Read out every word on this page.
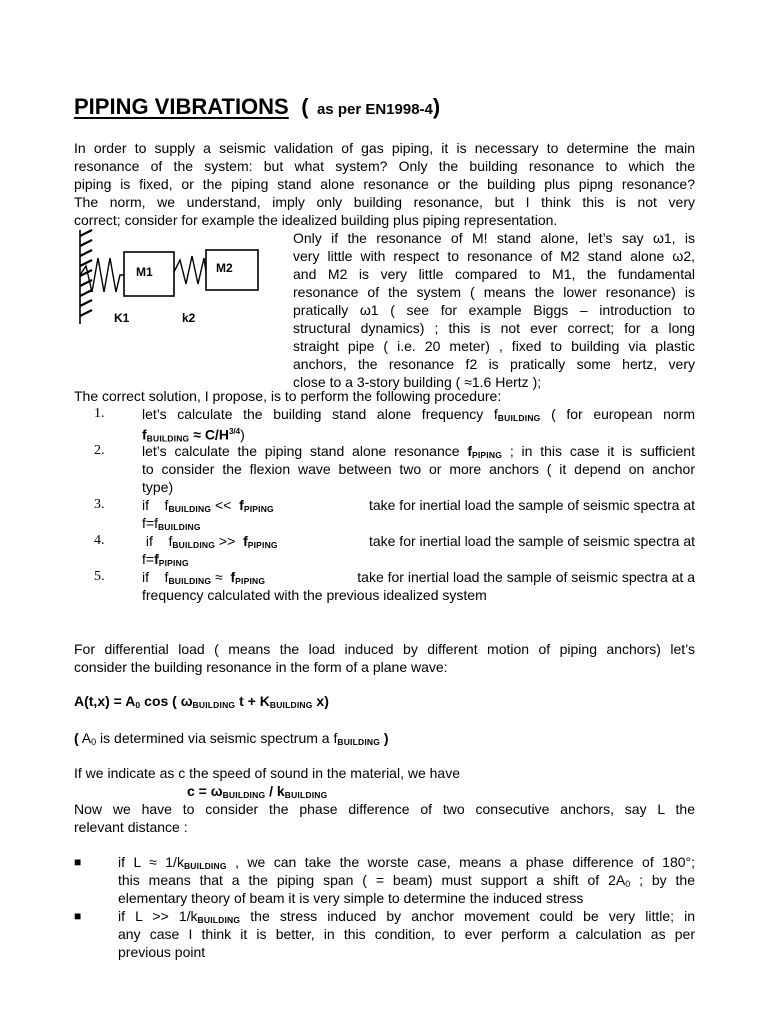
PIPING VIBRATIONS ( as per EN1998-4)
In order to supply a seismic validation of gas piping, it is necessary to determine the main
resonance of the system: but what system? Only the building resonance to which the
piping is fixed, or the piping stand alone resonance or the building plus pipng resonance?
The norm, we understand, imply only building resonance, but I think this is not very
correct; consider for example the idealized building plus piping representation.
M1	M2
K1	k2
Only if the resonance of M! stand alone, let’s say ω1, is
very little with respect to resonance of M2 stand alone ω2,
and M2 is very little compared to M1, the fundamental
resonance of the system ( means the lower resonance) is
pratically ω1 ( see for example Biggs – introduction to
structural dynamics) ; this is not ever correct; for a long
straight pipe ( i.e. 20 meter) , fixed to building via plastic
anchors, the resonance f2 is pratically some hertz, very
close to a 3-story building ( ≈1.6 Hertz );
The correct solution, I propose, is to perform the following procedure:
1.	let’s calculate the building stand alone frequency fBUILDING ( for european norm
fBUILDING ≈ $C/H^{3/4}$)
2.	let’s calculate the piping stand alone resonance fPIPING ; in this case it is sufficient
to consider the flexion wave between two or more anchors ( it depend on anchor
type)
3.	if    fBUILDING <<  fPIPING	take for inertial load the sample of seismic spectra at
f=fBUILDING
4.	if    fBUILDING >>  fPIPING	take for inertial load the sample of seismic spectra at
f=fPIPING
5.	if    fBUILDING ≈  fPIPING	take for inertial load the sample of seismic spectra at a
frequency calculated with the previous idealized system
For differential load ( means the load induced by different motion of piping anchors) let’s
consider the building resonance in the form of a plane wave:
A(t,x) = A0 cos ( ωBUILDING t + KBUILDING x)
( A0 is determined via seismic spectrum a fBUILDING )
If we indicate as c the speed of sound in the material, we have
c = ωBUILDING / kBUILDING
Now we have to consider the phase difference of two consecutive anchors, say L the
relevant distance :
■	if L ≈ 1/kBUILDING , we can take the worste case, means a phase difference of 180°;
this means that a the piping span ( = beam) must support a shift of 2A0 ; by the
elementary theory of beam it is very simple to determine the induced stress
■	if L >> 1/kBUILDING the stress induced by anchor movement could be very little; in
any case I think it is better, in this condition, to ever perform a calculation as per
previous point
